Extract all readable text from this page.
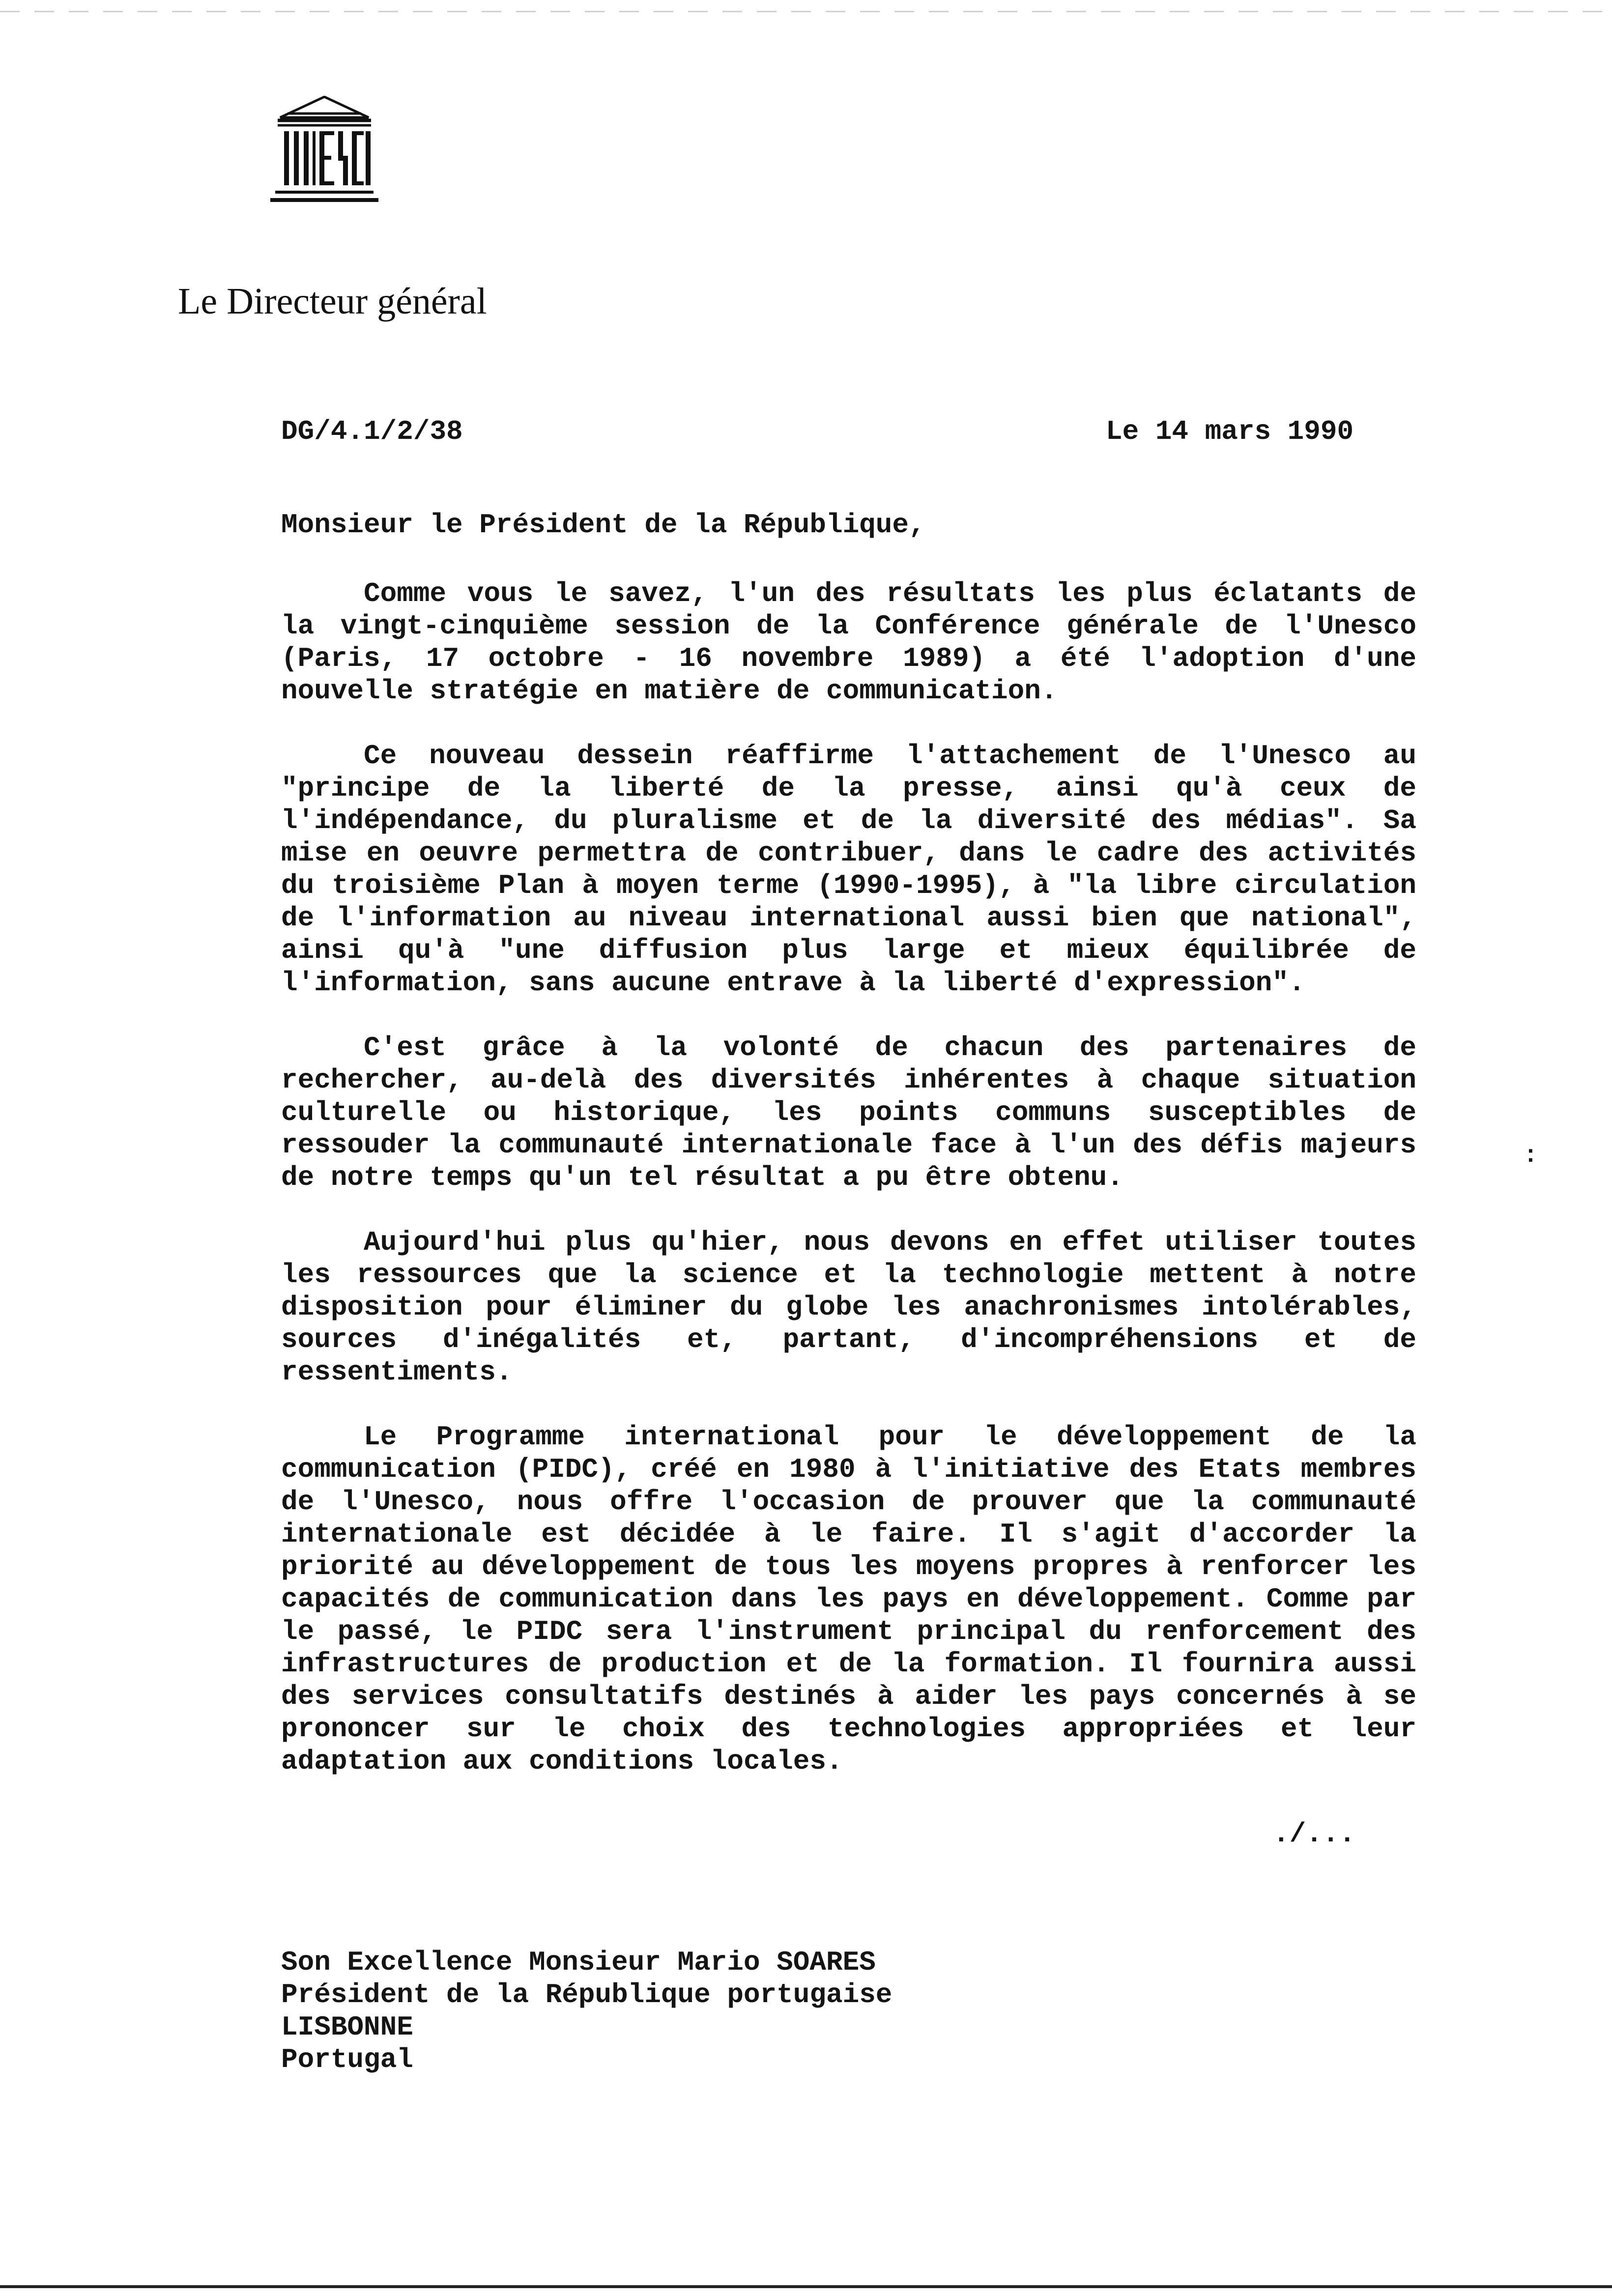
Le Directeur général
DG/4.1/2/38	Le 14 mars 1990
Monsieur le Président de la République,

Comme vous le savez, l'un des résultats les plus éclatants de la vingt-cinquième session de la Conférence générale de l'Unesco (Paris, 17 octobre - 16 novembre 1989) a été l'adoption d'une nouvelle stratégie en matière de communication.

Ce nouveau dessein réaffirme l'attachement de l'Unesco au "principe de la liberté de la presse, ainsi qu'à ceux de l'indépendance, du pluralisme et de la diversité des médias". Sa mise en oeuvre permettra de contribuer, dans le cadre des activités du troisième Plan à moyen terme (1990-1995), à "la libre circulation de l'information au niveau international aussi bien que national", ainsi qu'à "une diffusion plus large et mieux équilibrée de l'information, sans aucune entrave à la liberté d'expression".

C'est grâce à la volonté de chacun des partenaires de rechercher, au-delà des diversités inhérentes à chaque situation culturelle ou historique, les points communs susceptibles de ressouder la communauté internationale face à l'un des défis majeurs de notre temps qu'un tel résultat a pu être obtenu.

Aujourd'hui plus qu'hier, nous devons en effet utiliser toutes les ressources que la science et la technologie mettent à notre disposition pour éliminer du globe les anachronismes intolérables, sources d'inégalités et, partant, d'incompréhensions et de ressentiments.

Le Programme international pour le développement de la communication (PIDC), créé en 1980 à l'initiative des Etats membres de l'Unesco, nous offre l'occasion de prouver que la communauté internationale est décidée à le faire. Il s'agit d'accorder la priorité au développement de tous les moyens propres à renforcer les capacités de communication dans les pays en développement. Comme par le passé, le PIDC sera l'instrument principal du renforcement des infrastructures de production et de la formation. Il fournira aussi des services consultatifs destinés à aider les pays concernés à se prononcer sur le choix des technologies appropriées et leur adaptation aux conditions locales.

:
./...
Son Excellence Monsieur Mario SOARES
Président de la République portugaise
LISBONNE
Portugal
